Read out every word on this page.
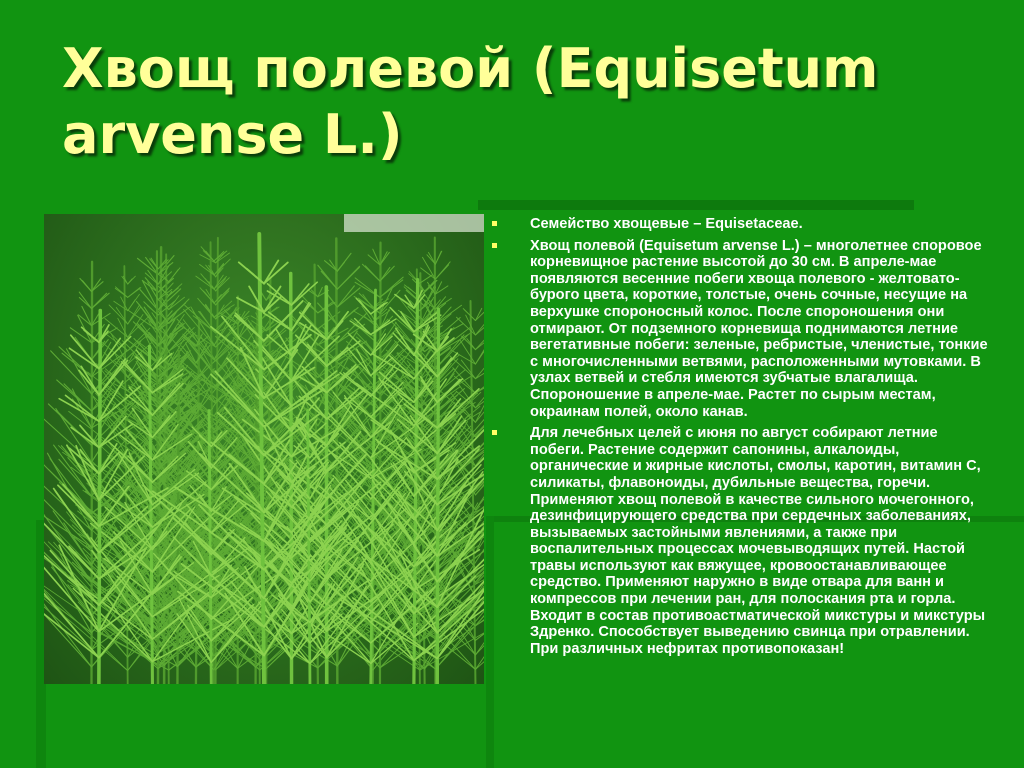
Хвощ полевой (Equisetum arvense L.)
Семейство хвощевые – Equisetaceae.
Хвощ полевой (Equisetum arvense L.) – многолетнее споровое корневищное растение высотой до 30 см. В апреле-мае появляются весенние побеги хвоща полевого - желтовато-бурого цвета, короткие, толстые, очень сочные, несущие на верхушке спороносный колос. После спороношения они отмирают. От подземного корневища поднимаются летние вегетативные побеги: зеленые, ребристые, членистые, тонкие с многочисленными ветвями, расположенными мутовками. В узлах ветвей и стебля имеются зубчатые влагалища. Спороношение в апреле-мае. Растет по сырым местам, окраинам полей, около канав.
Для лечебных целей с июня по август собирают летние побеги. Растение содержит сапонины, алкалоиды, органические и жирные кислоты, смолы, каротин, витамин С, силикаты, флавоноиды, дубильные вещества, горечи. Применяют хвощ полевой в качестве сильного мочегонного, дезинфицирующего средства при сердечных заболеваниях, вызываемых застойными явлениями, а также при воспалительных процессах мочевыводящих путей. Настой травы используют как вяжущее, кровоостанавливающее средство. Применяют наружно в виде отвара для ванн и компрессов при лечении ран, для полоскания рта и горла. Входит в состав противоастматической микстуры и микстуры Здренко. Способствует выведению свинца при отравлении. При различных нефритах противопоказан!
